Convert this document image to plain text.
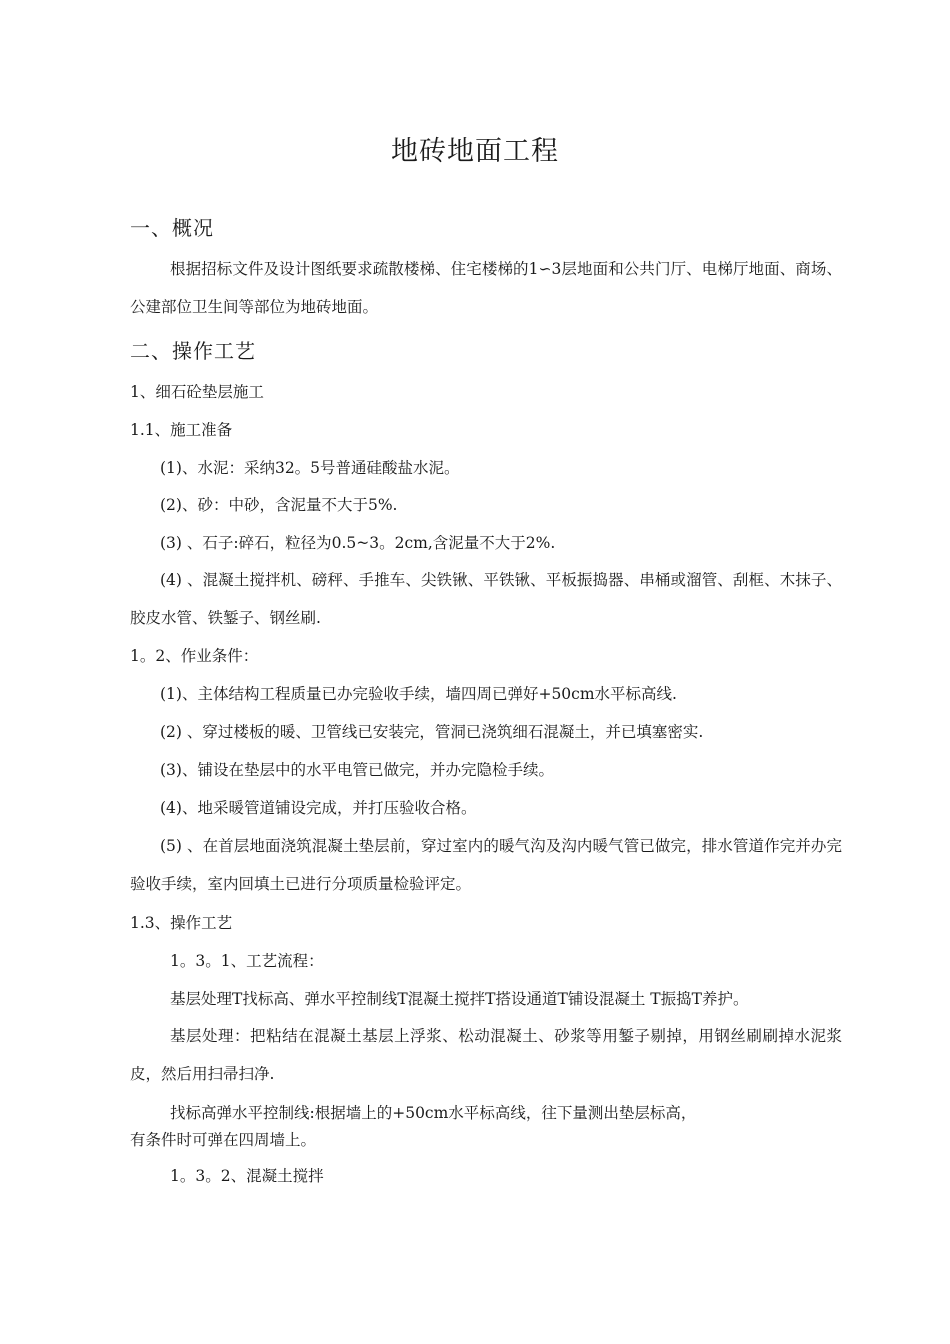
地砖地面工程
一、概况
根据招标文件及设计图纸要求疏散楼梯、住宅楼梯的1∽3层地面和公共门厅、电梯厅地面、商场、公建部位卫生间等部位为地砖地面。
二、操作工艺
1、细石砼垫层施工
1.1、施工准备
(1)、水泥：采纳32。5号普通硅酸盐水泥。
(2)、砂：中砂，含泥量不大于5%.
(3) 、石子:碎石，粒径为0.5~3。2cm,含泥量不大于2%.
(4) 、混凝土搅拌机、磅秤、手推车、尖铁锹、平铁锹、平板振捣器、串桶或溜管、刮框、木抹子、胶皮水管、铁錾子、钢丝刷.
1。2、作业条件：
(1)、主体结构工程质量已办完验收手续，墙四周已弹好+50cm水平标高线.
(2) 、穿过楼板的暖、卫管线已安装完，管洞已浇筑细石混凝土，并已填塞密实.
(3)、铺设在垫层中的水平电管已做完，并办完隐检手续。
(4)、地采暖管道铺设完成，并打压验收合格。
(5) 、在首层地面浇筑混凝土垫层前，穿过室内的暖气沟及沟内暖气管已做完，排水管道作完并办完验收手续，室内回填土已进行分项质量检验评定。
1.3、操作工艺
1。3。1、工艺流程：
基层处理T找标高、弹水平控制线T混凝土搅拌T搭设通道T铺设混凝土 T振捣T养护。
基层处理：把粘结在混凝土基层上浮浆、松动混凝土、砂浆等用錾子剔掉，用钢丝刷刷掉水泥浆皮，然后用扫帚扫净.
找标高弹水平控制线:根据墙上的+50cm水平标高线，往下量测出垫层标高，
有条件时可弹在四周墙上。
1。3。2、混凝土搅拌
